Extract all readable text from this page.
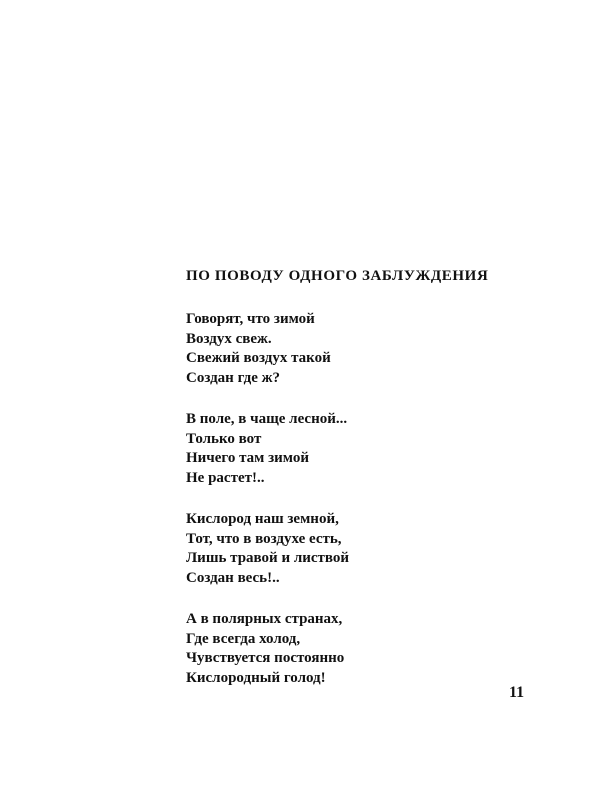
ПО ПОВОДУ ОДНОГО ЗАБЛУЖДЕНИЯ
Говорят, что зимой
Воздух свеж.
Свежий воздух такой
Создан где ж?
В поле, в чаще лесной...
Только вот
Ничего там зимой
Не растет!..
Кислород наш земной,
Тот, что в воздухе есть,
Лишь травой и листвой
Создан весь!..
А в полярных странах,
Где всегда холод,
Чувствуется постоянно
Кислородный голод!
11
